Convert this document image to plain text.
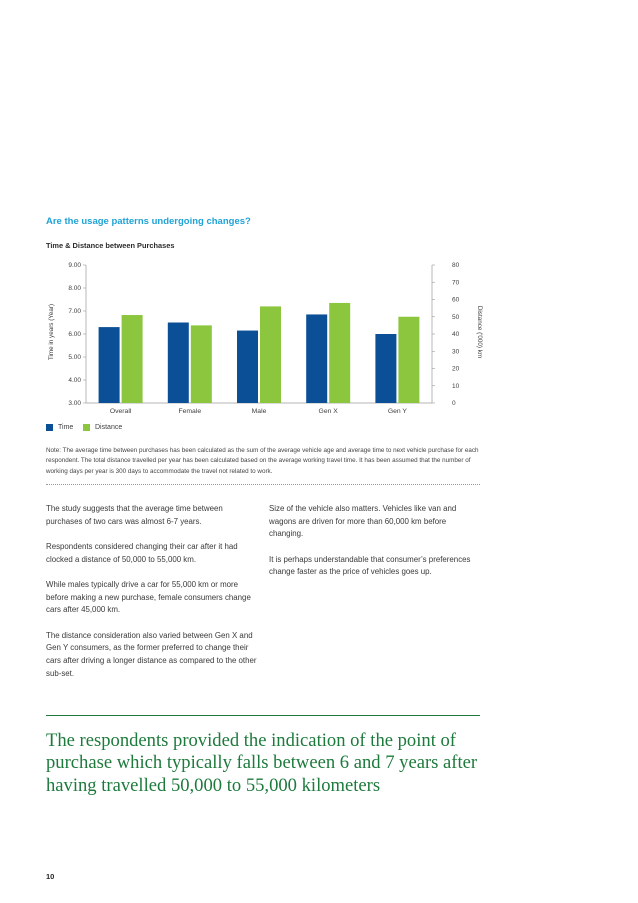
Are the usage patterns undergoing changes?
Time & Distance between Purchases
3.00
4.00
5.00
6.00
7.00
8.00
9.00
0
10
20
30
40
50
60
70
80
Overall	Female	Male	Gen X	Gen Y
Time in years (Year)	Distance ('000) km
Time	Distance

Note: The average time between purchases has been calculated as the sum of the average vehicle age and average time to next vehicle purchase for each respondent. The total distance travelled per year has been calculated based on the average working travel time. It has been assumed that the number of working days per year is 300 days to accommodate the travel not related to work.

The study suggests that the average time between purchases of two cars was almost 6-7 years.

Respondents considered changing their car after it had clocked a distance of 50,000 to 55,000 km.

While males typically drive a car for 55,000 km or more before making a new purchase, female consumers change cars after 45,000 km.

The distance consideration also varied between Gen X and Gen Y consumers, as the former preferred to change their cars after driving a longer distance as compared to the other sub-set.

Size of the vehicle also matters. Vehicles like van and wagons are driven for more than 60,000 km before changing.

It is perhaps understandable that consumer’s preferences change faster as the price of vehicles goes up.

The respondents provided the indication of the point of purchase which typically falls between 6 and 7 years after having travelled 50,000 to 55,000 kilometers

10
